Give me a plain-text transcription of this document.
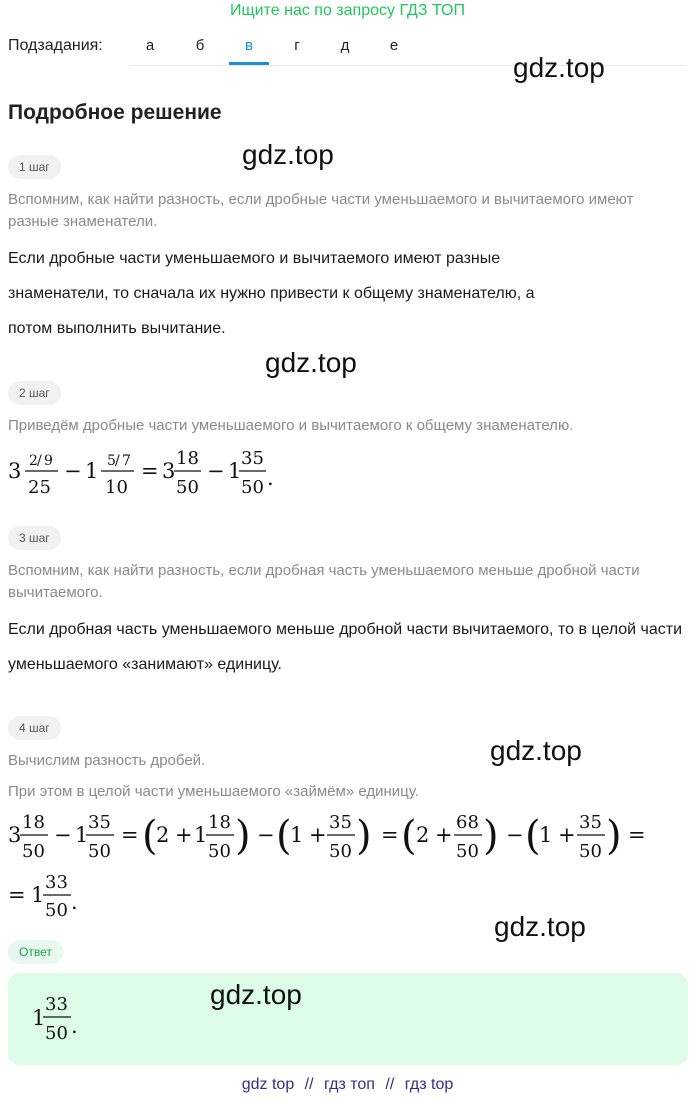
Ищите нас по запросу ГДЗ ТОП
Подзадания:	а	б	в	г	д	е
gdz.top
gdz.top
gdz.top
gdz.top
gdz.top
Подробное решение
1 шаг
Вспомним, как найти разность, если дробные части уменьшаемого и вычитаемого имеют разные знаменатели.
Если дробные части уменьшаемого и вычитаемого имеют разные знаменатели, то сначала их нужно привести к общему знаменателю, а потом выполнить вычитание.
2 шаг
Приведём дробные части уменьшаемого и вычитаемого к общему знаменателю.
3 2 / 9
25
− 1 5 / 7
10
= 3
18
50
− 1
35
50 .
3 шаг
Вспомним, как найти разность, если дробная часть уменьшаемого меньше дробной части вычитаемого.
Если дробная часть уменьшаемого меньше дробной части вычитаемого, то в целой части уменьшаемого «занимают» единицу.
4 шаг
Вычислим разность дробей.
При этом в целой части уменьшаемого «займём» единицу.
3
18
50
− 1
35
50
= (
2 + 1
18
50 ) − (
1 +
35
50 ) = ( 2 +
68
50 ) − (
1 +
35
50 ) =
= 1
33
50 .
Ответ
gdz.top
1
33
50 .
gdz top // гдз топ // гдз top
